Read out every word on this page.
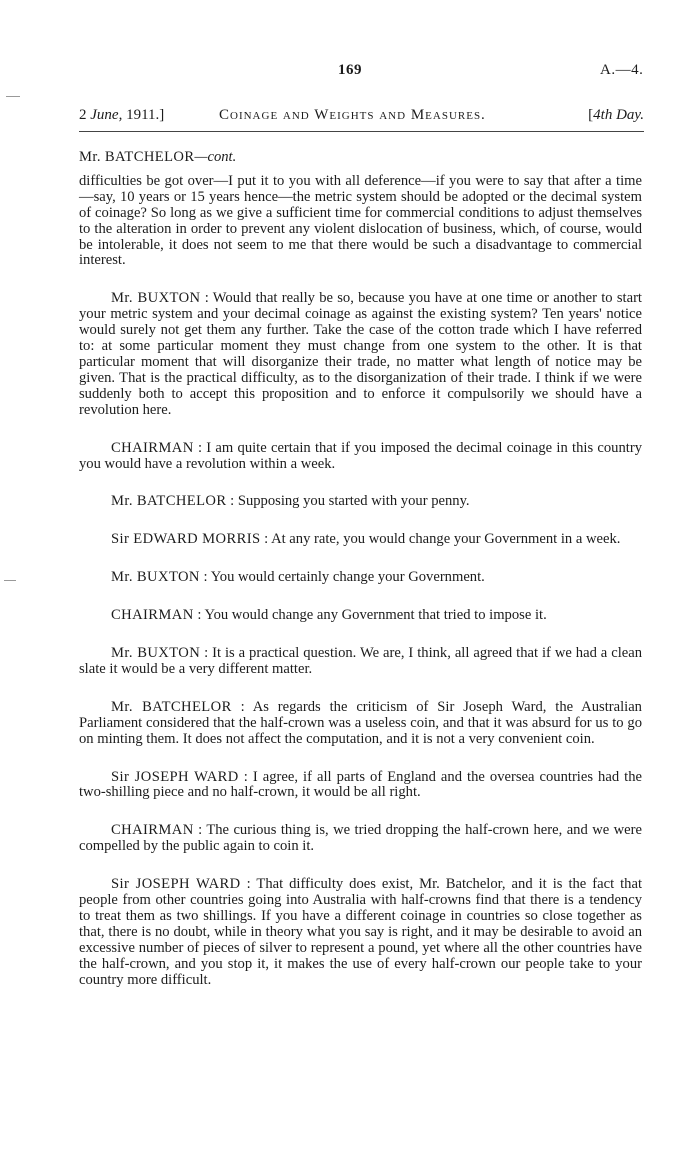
169	A.—4.
2 June, 1911.]	Coinage and Weights and Measures.	[4th Day.
Mr. BATCHELOR—cont.

difficulties be got over—I put it to you with all deference—if you were to say that after a time—say, 10 years or 15 years hence—the metric system should be adopted or the decimal system of coinage? So long as we give a sufficient time for commercial conditions to adjust themselves to the alteration in order to prevent any violent dislocation of business, which, of course, would be intolerable, it does not seem to me that there would be such a disadvantage to commercial interest.

Mr. BUXTON : Would that really be so, because you have at one time or another to start your metric system and your decimal coinage as against the existing system? Ten years' notice would surely not get them any further. Take the case of the cotton trade which I have referred to: at some particular moment they must change from one system to the other. It is that particular moment that will disorganize their trade, no matter what length of notice may be given. That is the practical difficulty, as to the disorganization of their trade. I think if we were suddenly both to accept this proposition and to enforce it compulsorily we should have a revolution here.

CHAIRMAN : I am quite certain that if you imposed the decimal coinage in this country you would have a revolution within a week.

Mr. BATCHELOR : Supposing you started with your penny.

Sir EDWARD MORRIS : At any rate, you would change your Government in a week.

Mr. BUXTON : You would certainly change your Government.

CHAIRMAN : You would change any Government that tried to impose it.

Mr. BUXTON : It is a practical question. We are, I think, all agreed that if we had a clean slate it would be a very different matter.

Mr. BATCHELOR : As regards the criticism of Sir Joseph Ward, the Australian Parliament considered that the half-crown was a useless coin, and that it was absurd for us to go on minting them. It does not affect the computation, and it is not a very convenient coin.

Sir JOSEPH WARD : I agree, if all parts of England and the oversea countries had the two-shilling piece and no half-crown, it would be all right.

CHAIRMAN : The curious thing is, we tried dropping the half-crown here, and we were compelled by the public again to coin it.

Sir JOSEPH WARD : That difficulty does exist, Mr. Batchelor, and it is the fact that people from other countries going into Australia with half-crowns find that there is a tendency to treat them as two shillings. If you have a different coinage in countries so close together as that, there is no doubt, while in theory what you say is right, and it may be desirable to avoid an excessive number of pieces of silver to represent a pound, yet where all the other countries have the half-crown, and you stop it, it makes the use of every half-crown our people take to your country more difficult.
